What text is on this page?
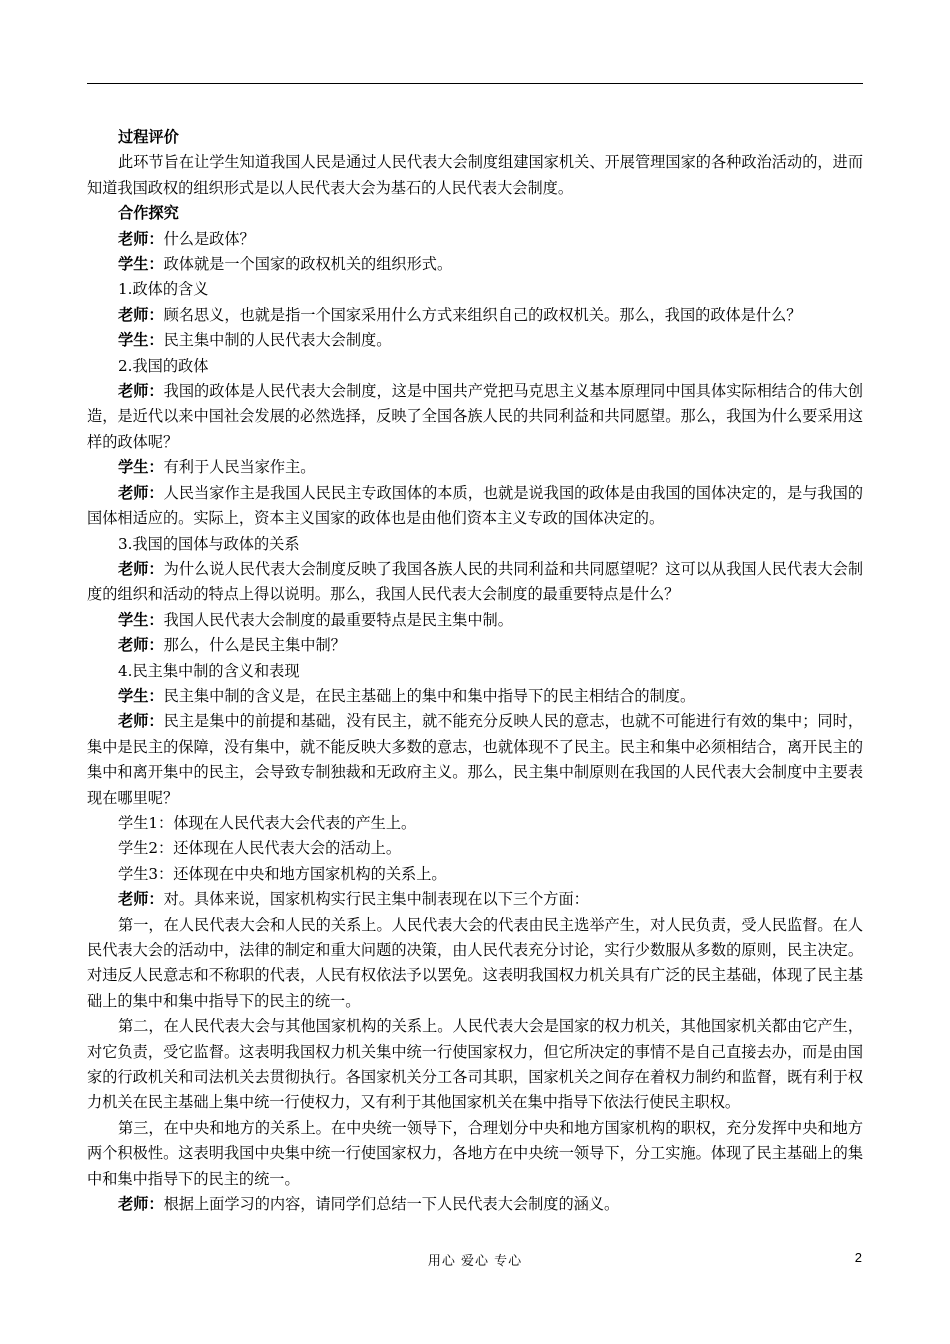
过程评价

此环节旨在让学生知道我国人民是通过人民代表大会制度组建国家机关、开展管理国家的各种政治活动的，进而知道我国政权的组织形式是以人民代表大会为基石的人民代表大会制度。

合作探究

老师：什么是政体？

学生：政体就是一个国家的政权机关的组织形式。

1.政体的含义

老师：顾名思义，也就是指一个国家采用什么方式来组织自己的政权机关。那么，我国的政体是什么？

学生：民主集中制的人民代表大会制度。

2.我国的政体

老师：我国的政体是人民代表大会制度，这是中国共产党把马克思主义基本原理同中国具体实际相结合的伟大创造，是近代以来中国社会发展的必然选择，反映了全国各族人民的共同利益和共同愿望。那么，我国为什么要采用这样的政体呢？

学生：有利于人民当家作主。

老师：人民当家作主是我国人民民主专政国体的本质，也就是说我国的政体是由我国的国体决定的，是与我国的国体相适应的。实际上，资本主义国家的政体也是由他们资本主义专政的国体决定的。

3.我国的国体与政体的关系

老师：为什么说人民代表大会制度反映了我国各族人民的共同利益和共同愿望呢？这可以从我国人民代表大会制度的组织和活动的特点上得以说明。那么，我国人民代表大会制度的最重要特点是什么？

学生：我国人民代表大会制度的最重要特点是民主集中制。

老师：那么，什么是民主集中制？

4.民主集中制的含义和表现

学生：民主集中制的含义是，在民主基础上的集中和集中指导下的民主相结合的制度。

老师：民主是集中的前提和基础，没有民主，就不能充分反映人民的意志，也就不可能进行有效的集中；同时，集中是民主的保障，没有集中，就不能反映大多数的意志，也就体现不了民主。民主和集中必须相结合，离开民主的集中和离开集中的民主，会导致专制独裁和无政府主义。那么，民主集中制原则在我国的人民代表大会制度中主要表现在哪里呢？

学生1：体现在人民代表大会代表的产生上。

学生2：还体现在人民代表大会的活动上。

学生3：还体现在中央和地方国家机构的关系上。

老师：对。具体来说，国家机构实行民主集中制表现在以下三个方面：

第一，在人民代表大会和人民的关系上。人民代表大会的代表由民主选举产生，对人民负责，受人民监督。在人民代表大会的活动中，法律的制定和重大问题的决策，由人民代表充分讨论，实行少数服从多数的原则，民主决定。对违反人民意志和不称职的代表，人民有权依法予以罢免。这表明我国权力机关具有广泛的民主基础，体现了民主基础上的集中和集中指导下的民主的统一。

第二，在人民代表大会与其他国家机构的关系上。人民代表大会是国家的权力机关，其他国家机关都由它产生，对它负责，受它监督。这表明我国权力机关集中统一行使国家权力，但它所决定的事情不是自己直接去办，而是由国家的行政机关和司法机关去贯彻执行。各国家机关分工各司其职，国家机关之间存在着权力制约和监督，既有利于权力机关在民主基础上集中统一行使权力，又有利于其他国家机关在集中指导下依法行使民主职权。

第三，在中央和地方的关系上。在中央统一领导下，合理划分中央和地方国家机构的职权，充分发挥中央和地方两个积极性。这表明我国中央集中统一行使国家权力，各地方在中央统一领导下，分工实施。体现了民主基础上的集中和集中指导下的民主的统一。

老师：根据上面学习的内容，请同学们总结一下人民代表大会制度的涵义。

用心 爱心 专心	2
